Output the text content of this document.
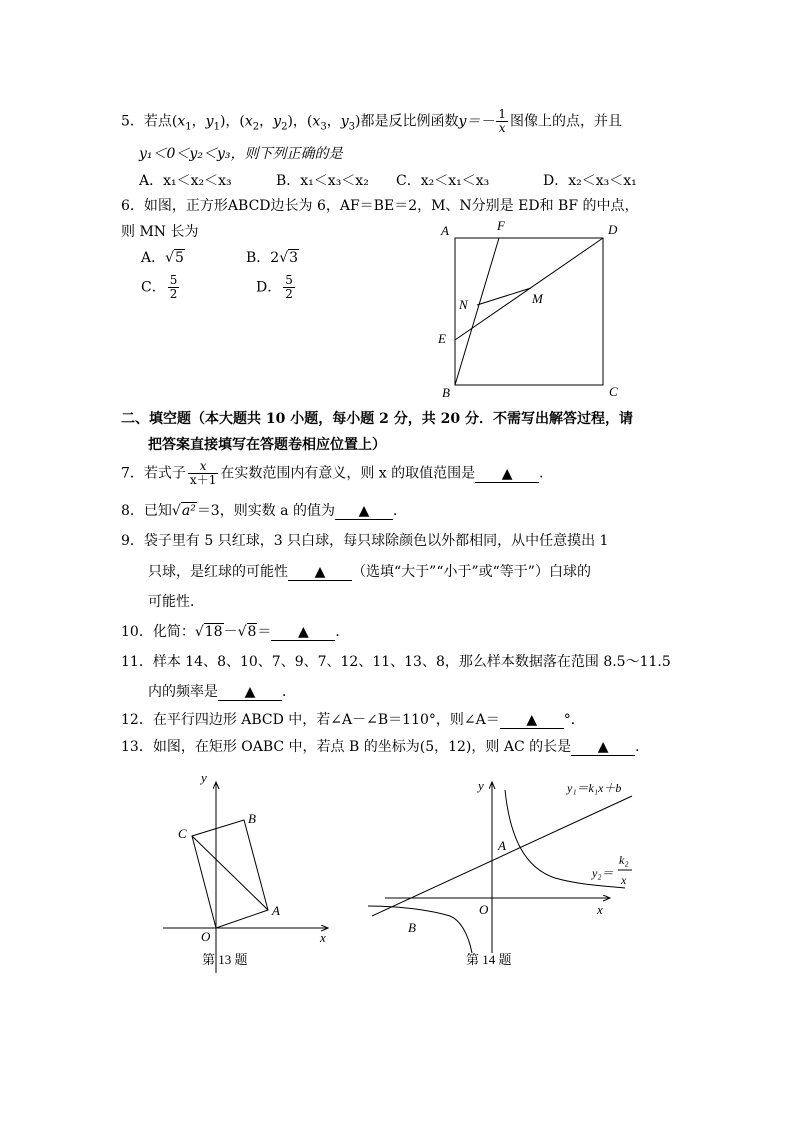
5．若点($x_1$，$y_1$)，($x_2$，$y_2$)，($x_3$，$y_3$)都是反比例函数$y=- \frac{1}{x}$ 图像上的点，并且
y₁＜0＜y₂＜y₃，则下列正确的是
A．x₁＜x₂＜x₃	B．x₁＜x₃＜x₂ C．x₂＜x₁＜x₃	D．x₂＜x₃＜x₁
6．如图，正方形ABCD边长为 6，AF＝BE＝2，M、N分别是 ED和 BF 的中点，
则 MN 长为
A．√5	B．2√3
C． $\frac{5}{2}$	D． $\frac{5}{2}$
A	F	D
N	M
E
B	C
二、填空题（本大题共 10 小题，每小题 2 分，共 20 分．不需写出解答过程，请
把答案直接填写在答题卷相应位置上）
7．若式子 $\frac{x}{x+1}$ 在实数范围内有意义，则 x 的取值范围是 ▲ ．
8．已知√a²＝3，则实数 a 的值为 ▲ ．
9．袋子里有 5 只红球，3 只白球，每只球除颜色以外都相同，从中任意摸出 1
只球，是红球的可能性 ▲ （选填“大于”“小于”或“等于”）白球的
可能性．
10．化简：√18－√8＝ ▲ ．
11．样本 14、8、10、7、9、7、12、11、13、8，那么样本数据落在范围 8.5～11.5
内的频率是 ▲ ．
12．在平行四边形 ABCD 中，若∠A－∠B＝110°，则∠A＝ ▲ °．
13．如图，在矩形 OABC 中，若点 B 的坐标为(5，12)，则 AC 的长是 ▲ ．
y
x
O
A
B
C
第 13 题
y
x
O
A
B
y₁＝k₁x＋b
y₂＝
k₂
x
第 14 题
